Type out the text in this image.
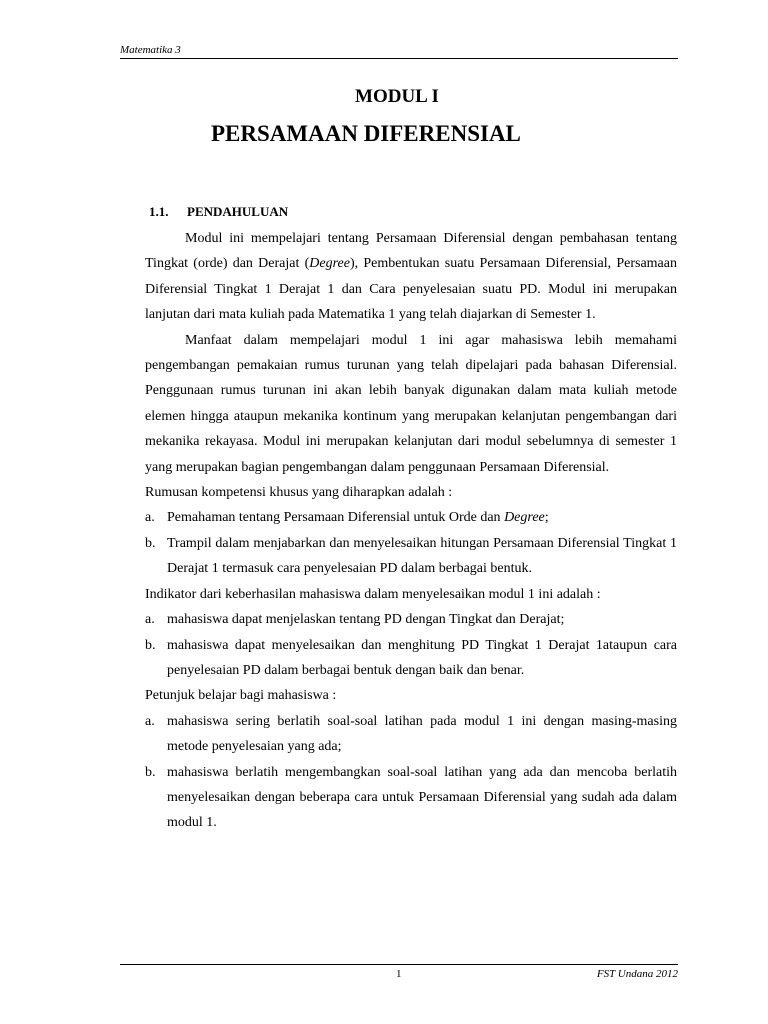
Matematika 3
MODUL I
PERSAMAAN DIFERENSIAL
1.1. PENDAHULUAN

Modul ini mempelajari tentang Persamaan Diferensial dengan pembahasan tentang Tingkat (orde) dan Derajat (Degree), Pembentukan suatu Persamaan Diferensial, Persamaan Diferensial Tingkat 1 Derajat 1 dan Cara penyelesaian suatu PD. Modul ini merupakan lanjutan dari mata kuliah pada Matematika 1 yang telah diajarkan di Semester 1.

Manfaat dalam mempelajari modul 1 ini agar mahasiswa lebih memahami pengembangan pemakaian rumus turunan yang telah dipelajari pada bahasan Diferensial. Penggunaan rumus turunan ini akan lebih banyak digunakan dalam mata kuliah metode elemen hingga ataupun mekanika kontinum yang merupakan kelanjutan pengembangan dari mekanika rekayasa. Modul ini merupakan kelanjutan dari modul sebelumnya di semester 1 yang merupakan bagian pengembangan dalam penggunaan Persamaan Diferensial.

Rumusan kompetensi khusus yang diharapkan adalah :

a. Pemahaman tentang Persamaan Diferensial untuk Orde dan Degree;
b. Trampil dalam menjabarkan dan menyelesaikan hitungan Persamaan Diferensial Tingkat 1 Derajat 1 termasuk cara penyelesaian PD dalam berbagai bentuk.

Indikator dari keberhasilan mahasiswa dalam menyelesaikan modul 1 ini adalah :

a. mahasiswa dapat menjelaskan tentang PD dengan Tingkat dan Derajat;
b. mahasiswa dapat menyelesaikan dan menghitung PD Tingkat 1 Derajat 1ataupun cara penyelesaian PD dalam berbagai bentuk dengan baik dan benar.

Petunjuk belajar bagi mahasiswa :

a. mahasiswa sering berlatih soal-soal latihan pada modul 1 ini dengan masing-masing metode penyelesaian yang ada;
b. mahasiswa berlatih mengembangkan soal-soal latihan yang ada dan mencoba berlatih menyelesaikan dengan beberapa cara untuk Persamaan Diferensial yang sudah ada dalam modul 1.
1	FST Undana 2012
